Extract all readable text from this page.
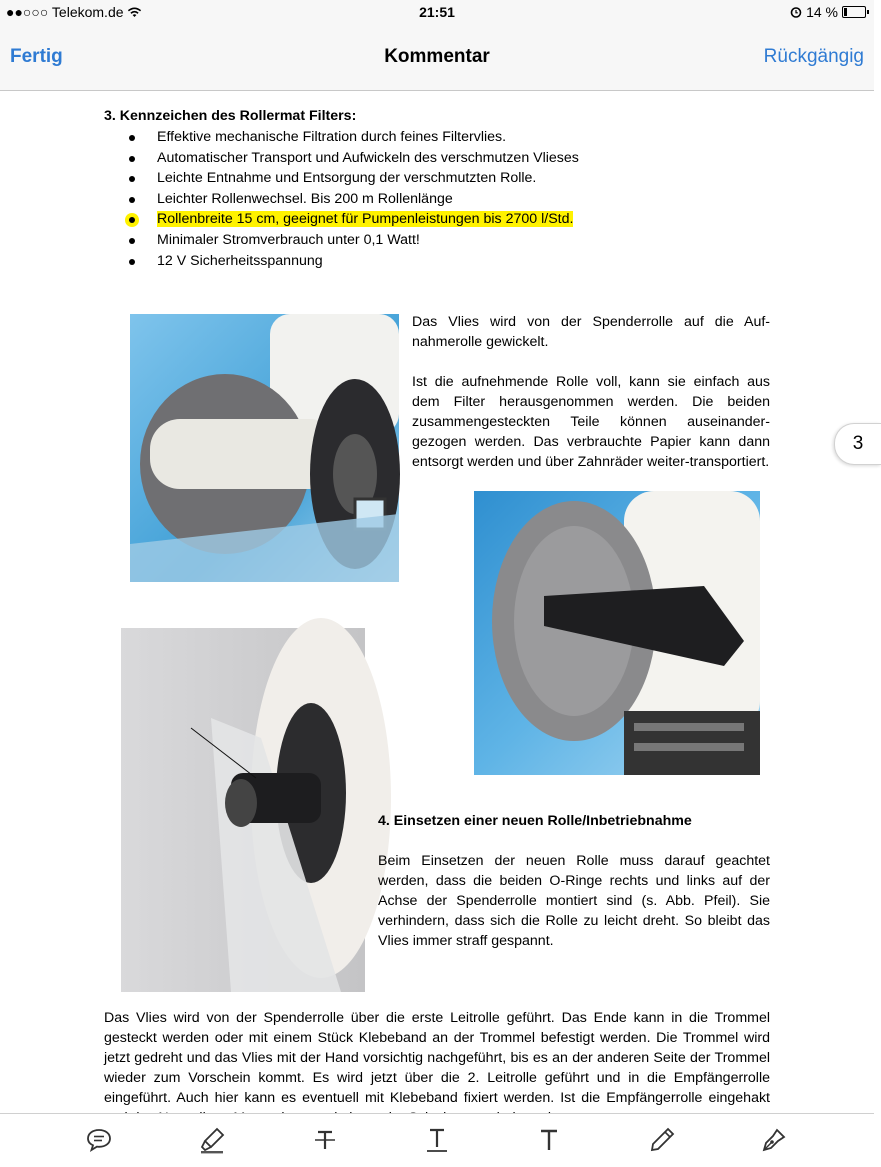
●●○○○ Telekom.de	21:51	14 %
Fertig	Kommentar	Rückgängig
3. Kennzeichen des Rollermat Filters:
Effektive mechanische Filtration durch feines Filtervlies.
Automatischer Transport und Aufwickeln des verschmutzen Vlieses
Leichte Entnahme und Entsorgung der verschmutzten Rolle.
Leichter Rollenwechsel. Bis 200 m Rollenlänge
Rollenbreite 15 cm, geeignet für Pumpenleistungen bis 2700 l/Std.
Minimaler Stromverbrauch unter 0,1 Watt!
12 V Sicherheitsspannung

Das Vlies wird von der Spenderrolle auf die Auf-nahmerolle gewickelt.

Ist die aufnehmende Rolle voll, kann sie einfach aus dem Filter herausgenommen werden. Die beiden zusammengesteckten Teile können auseinander-gezogen werden. Das verbrauchte Papier kann dann entsorgt werden und über Zahnräder weiter-transportiert.

4. Einsetzen einer neuen Rolle/Inbetriebnahme
Beim Einsetzen der neuen Rolle muss darauf geachtet werden, dass die beiden O-Ringe rechts und links auf der Achse der Spenderrolle montiert sind (s. Abb. Pfeil). Sie verhindern, dass sich die Rolle zu leicht dreht. So bleibt das Vlies immer straff gespannt.
Das Vlies wird von der Spenderrolle über die erste Leitrolle geführt. Das Ende kann in die Trommel gesteckt werden oder mit einem Stück Klebeband an der Trommel befestigt werden. Die Trommel wird jetzt gedreht und das Vlies mit der Hand vorsichtig nachgeführt, bis es an der anderen Seite der Trommel wieder zum Vorschein kommt. Es wird jetzt über die 2. Leitrolle geführt und in die Empfängerrolle eingeführt. Auch hier kann es eventuell mit Klebeband fixiert werden. Ist die Empfängerrolle eingehakt
3
